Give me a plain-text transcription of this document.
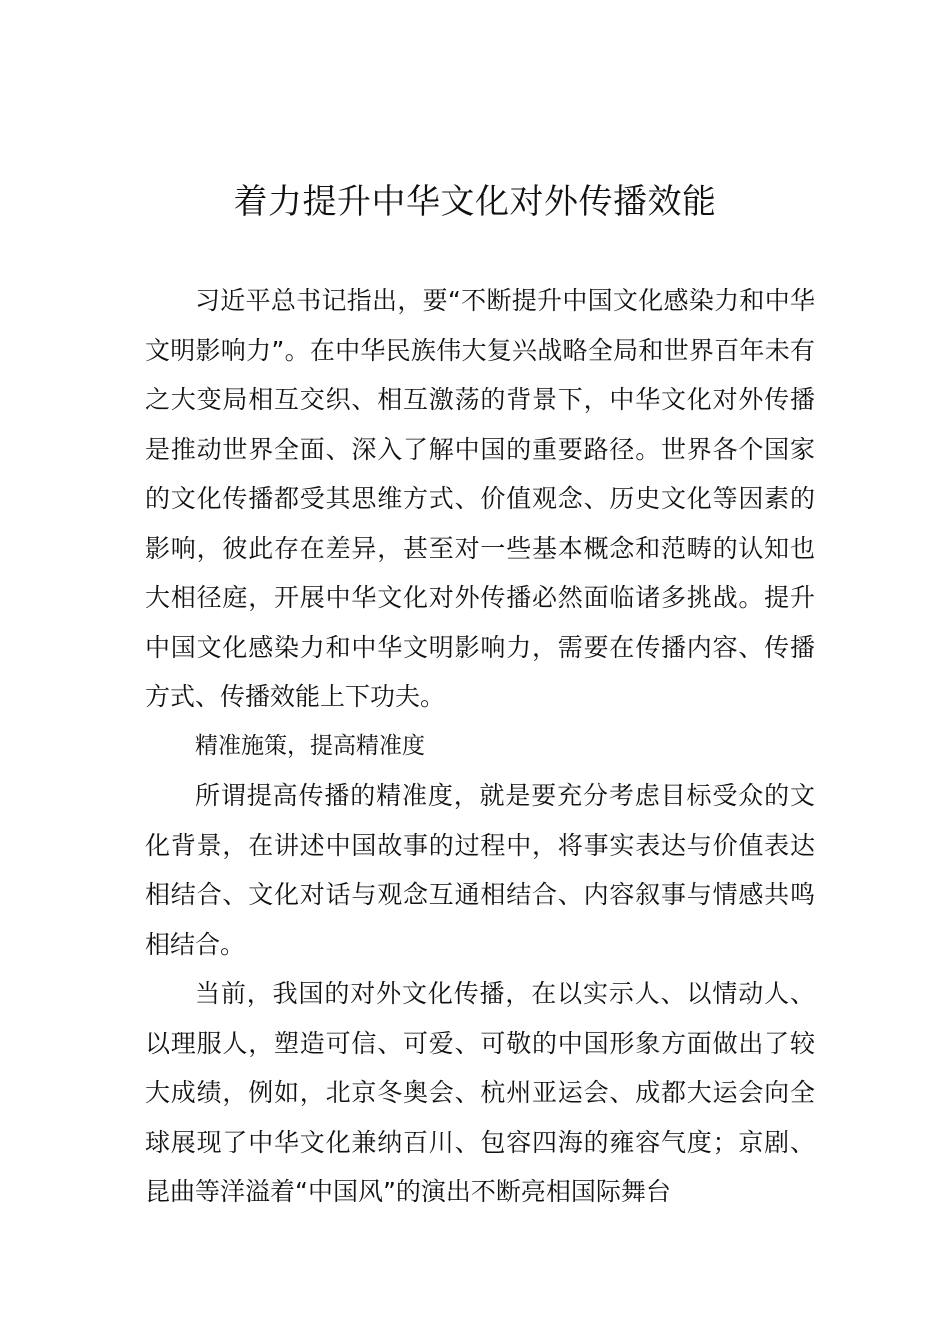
着力提升中华文化对外传播效能

习近平总书记指出，要“不断提升中国文化感染力和中华文明影响力”。在中华民族伟大复兴战略全局和世界百年未有之大变局相互交织、相互激荡的背景下，中华文化对外传播是推动世界全面、深入了解中国的重要路径。世界各个国家的文化传播都受其思维方式、价值观念、历史文化等因素的影响，彼此存在差异，甚至对一些基本概念和范畴的认知也大相径庭，开展中华文化对外传播必然面临诸多挑战。提升中国文化感染力和中华文明影响力，需要在传播内容、传播方式、传播效能上下功夫。

精准施策，提高精准度

所谓提高传播的精准度，就是要充分考虑目标受众的文化背景，在讲述中国故事的过程中，将事实表达与价值表达相结合、文化对话与观念互通相结合、内容叙事与情感共鸣相结合。

当前，我国的对外文化传播，在以实示人、以情动人、以理服人，塑造可信、可爱、可敬的中国形象方面做出了较大成绩，例如，北京冬奥会、杭州亚运会、成都大运会向全球展现了中华文化兼纳百川、包容四海的雍容气度；京剧、昆曲等洋溢着“中国风”的演出不断亮相国际舞台
